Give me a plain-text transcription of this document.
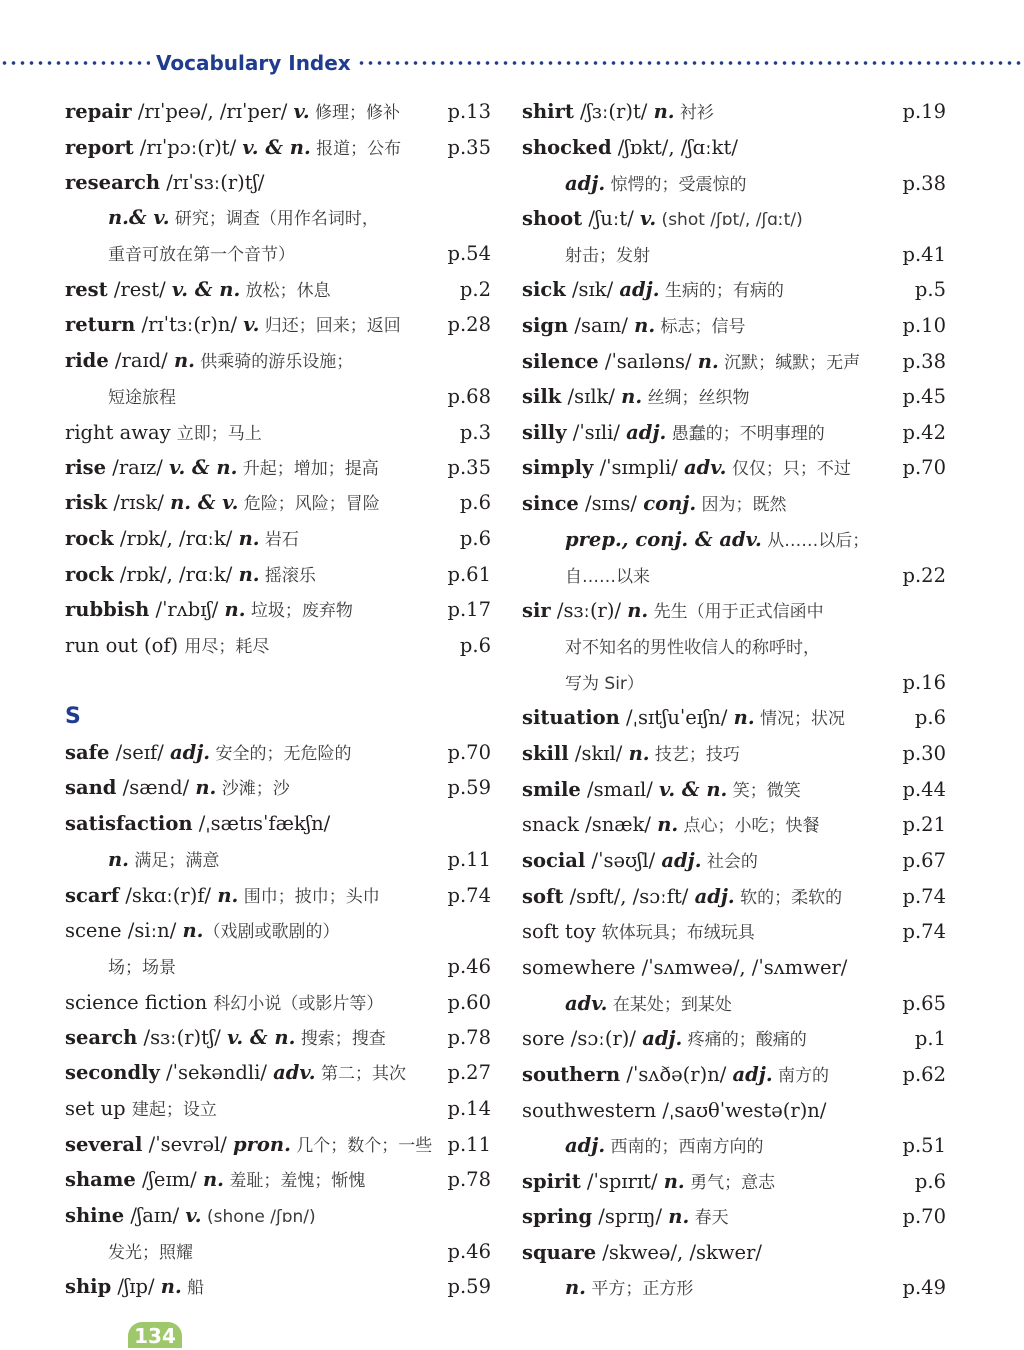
Vocabulary Index
S
repair /rɪˈpeə/, /rɪˈper/ v. 修理；修补 p.13
report /rɪˈpɔː(r)t/ v. & n. 报道；公布 p.35
research /rɪˈsɜː(r)tʃ/
n.& v. 研究；调查（用作名词时，
重音可放在第一个音节）	p.54
rest /rest/ v. & n. 放松；休息	p.2
return /rɪˈtɜː(r)n/ v. 归还；回来；返回 p.28
ride /raɪd/ n. 供乘骑的游乐设施；
短途旅程	p.68
right away 立即；马上	p.3
rise /raɪz/ v. & n. 升起；增加；提高	p.35
risk /rɪsk/ n. & v. 危险；风险；冒险	p.6
rock /rɒk/, /rɑːk/ n. 岩石	p.6
rock /rɒk/, /rɑːk/ n. 摇滚乐	p.61
rubbish /ˈrʌbɪʃ/ n. 垃圾；废弃物	p.17
run out (of) 用尽；耗尽	p.6
safe /seɪf/ adj. 安全的；无危险的	p.70
sand /sænd/ n. 沙滩；沙	p.59
satisfaction /ˌsætɪsˈfækʃn/
n. 满足；满意	p.11
scarf /skɑː(r)f/ n. 围巾；披巾；头巾	p.74
scene /siːn/ n.（戏剧或歌剧的）
场；场景	p.46
science fiction 科幻小说（或影片等）	p.60
search /sɜː(r)tʃ/ v. & n. 搜索；搜查	p.78
secondly /ˈsekəndli/ adv. 第二；其次 p.27
set up 建起；设立	p.14
several /ˈsevrəl/ pron. 几个；数个；一些 p.11
shame /ʃeɪm/ n. 羞耻；羞愧；惭愧	p.78
shine /ʃaɪn/ v. (shone /ʃɒn/)
发光；照耀	p.46
ship /ʃɪp/ n. 船	p.59
shirt /ʃɜː(r)t/ n. 衬衫	p.19
shocked /ʃɒkt/, /ʃɑːkt/
adj. 惊愕的；受震惊的	p.38
shoot /ʃuːt/ v. (shot /ʃɒt/, /ʃɑːt/)
射击；发射	p.41
sick /sɪk/ adj. 生病的；有病的	p.5
sign /saɪn/ n. 标志；信号	p.10
silence /ˈsaɪləns/ n. 沉默；缄默；无声 p.38
silk /sɪlk/ n. 丝绸；丝织物	p.45
silly /ˈsɪli/ adj. 愚蠢的；不明事理的	p.42
simply /ˈsɪmpli/ adv. 仅仅；只；不过	p.70
since /sɪns/ conj. 因为；既然
prep., conj. & adv. 从……以后；
自……以来	p.22
sir /sɜː(r)/ n. 先生（用于正式信函中
对不知名的男性收信人的称呼时，
写为 Sir）	p.16
situation /ˌsɪtʃuˈeɪʃn/ n. 情况；状况	p.6
skill /skɪl/ n. 技艺；技巧	p.30
smile /smaɪl/ v. & n. 笑；微笑	p.44
snack /snæk/ n. 点心；小吃；快餐	p.21
social /ˈsəʊʃl/ adj. 社会的	p.67
soft /sɒft/, /sɔːft/ adj. 软的；柔软的	p.74
soft toy 软体玩具；布绒玩具	p.74
somewhere /ˈsʌmweə/, /ˈsʌmwer/
adv. 在某处；到某处	p.65
sore /sɔː(r)/ adj. 疼痛的；酸痛的	p.1
southern /ˈsʌðə(r)n/ adj. 南方的	p.62
southwestern /ˌsaʊθˈwestə(r)n/
adj. 西南的；西南方向的	p.51
spirit /ˈspɪrɪt/ n. 勇气；意志	p.6
spring /sprɪŋ/ n. 春天	p.70
square /skweə/, /skwer/
n. 平方；正方形	p.49
134
